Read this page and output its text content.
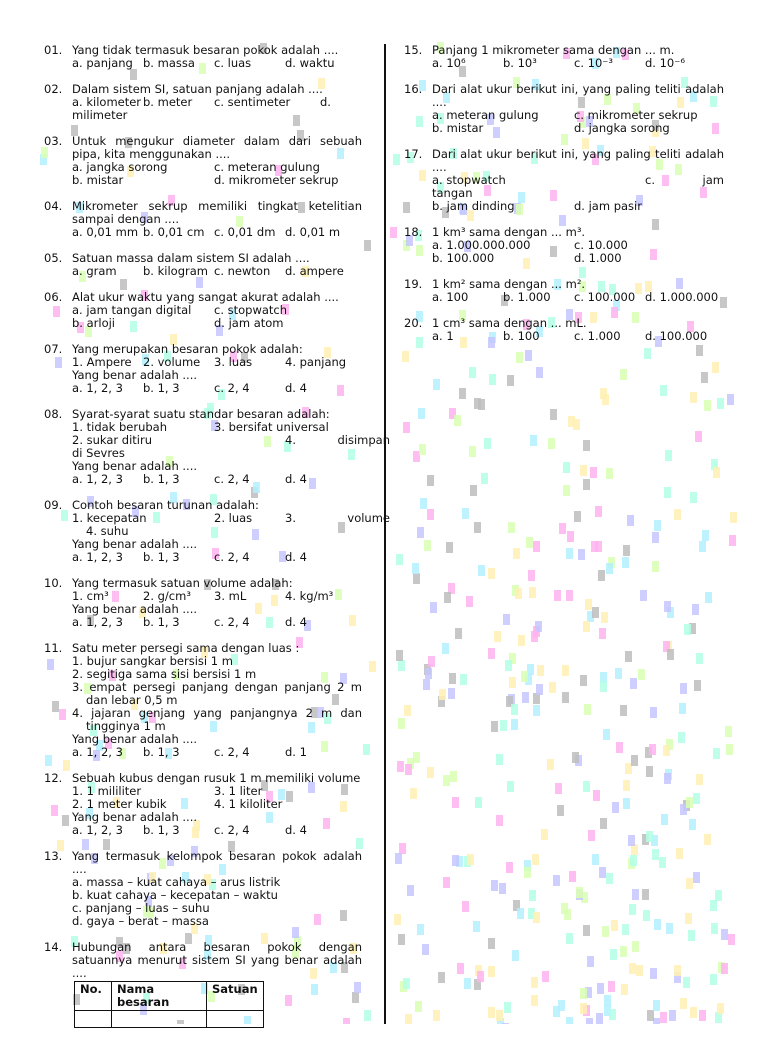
01. Yang tidak termasuk besaran pokok adalah ....
a. panjang b. massa c. luas	d. waktu
02. Dalam sistem SI, satuan panjang adalah ....
a. kilometer b. meter c. sentimeter	d.
milimeter
03. Untuk mengukur diameter dalam dari sebuah pipa, kita menggunakan ....
a. jangka sorong	c. meteran gulung
b. mistar	d. mikrometer sekrup
04. Mikrometer sekrup memiliki tingkat ketelitian sampai dengan ....
a. 0,01 mm b. 0,01 cm c. 0,01 dm d. 0,01 m
05. Satuan massa dalam sistem SI adalah ....
a. gram b. kilogram c. newton d. ampere
06. Alat ukur waktu yang sangat akurat adalah ....
a. jam tangan digital c. stopwatch
b. arloji	d. jam atom
07. Yang merupakan besaran pokok adalah:
1. Ampere 2. volume 3. luas	4. panjang
Yang benar adalah ....
a. 1, 2, 3 b. 1, 3	c. 2, 4	d. 4
08. Syarat-syarat suatu standar besaran adalah:
1. tidak berubah	3. bersifat universal
2. sukar ditiru	4.	disimpan
di Sevres
Yang benar adalah ....
a. 1, 2, 3 b. 1, 3	c. 2, 4	d. 4
09. Contoh besaran turunan adalah:
1. kecepatan	2. luas	3.	volume
4. suhu
Yang benar adalah ....
a. 1, 2, 3 b. 1, 3	c. 2, 4	d. 4
10. Yang termasuk satuan volume adalah:
1. cm³	2. g/cm³ 3. mL	4. kg/m³
Yang benar adalah ....
a. 1, 2, 3 b. 1, 3	c. 2, 4	d. 4
11. Satu meter persegi sama dengan luas :
1. bujur sangkar bersisi 1 m
2. segitiga sama sisi bersisi 1 m
3. empat persegi panjang dengan panjang 2 m dan lebar 0,5 m
4. jajaran genjang yang panjangnya 2 m dan tingginya 1 m
Yang benar adalah ....
a. 1, 2, 3 b. 1, 3	c. 2, 4	d. 1
12. Sebuah kubus dengan rusuk 1 m memiliki volume
1. 1 mililiter	3. 1 liter
2. 1 meter kubik	4. 1 kiloliter
Yang benar adalah ....
a. 1, 2, 3 b. 1, 3	c. 2, 4	d. 4
13. Yang termasuk kelompok besaran pokok adalah ....
a. massa – kuat cahaya – arus listrik
b. kuat cahaya – kecepatan – waktu
c. panjang – luas – suhu
d. gaya – berat – massa
14. Hubungan antara besaran pokok dengan satuannya menurut sistem SI yang benar adalah ....
No.	Nama besaran	Satuan

15. Panjang 1 mikrometer sama dengan ... m.
a. 10⁶	b. 10³	c. 10⁻³	d. 10⁻⁶
16. Dari alat ukur berikut ini, yang paling teliti adalah ....
a. meteran gulung	c. mikrometer sekrup
b. mistar	d. jangka sorong
17. Dari alat ukur berikut ini, yang paling teliti adalah ....
a. stopwatch	c.	jam
tangan
b. jam dinding	d. jam pasir
18. 1 km³ sama dengan ... m³.
a. 1.000.000.000	c. 10.000
b. 100.000	d. 1.000
19. 1 km² sama dengan ... m².
a. 100	b. 1.000 c. 100.000 d. 1.000.000
20. 1 cm³ sama dengan ... mL.
a. 1	b. 100	c. 1.000 d. 100.000
